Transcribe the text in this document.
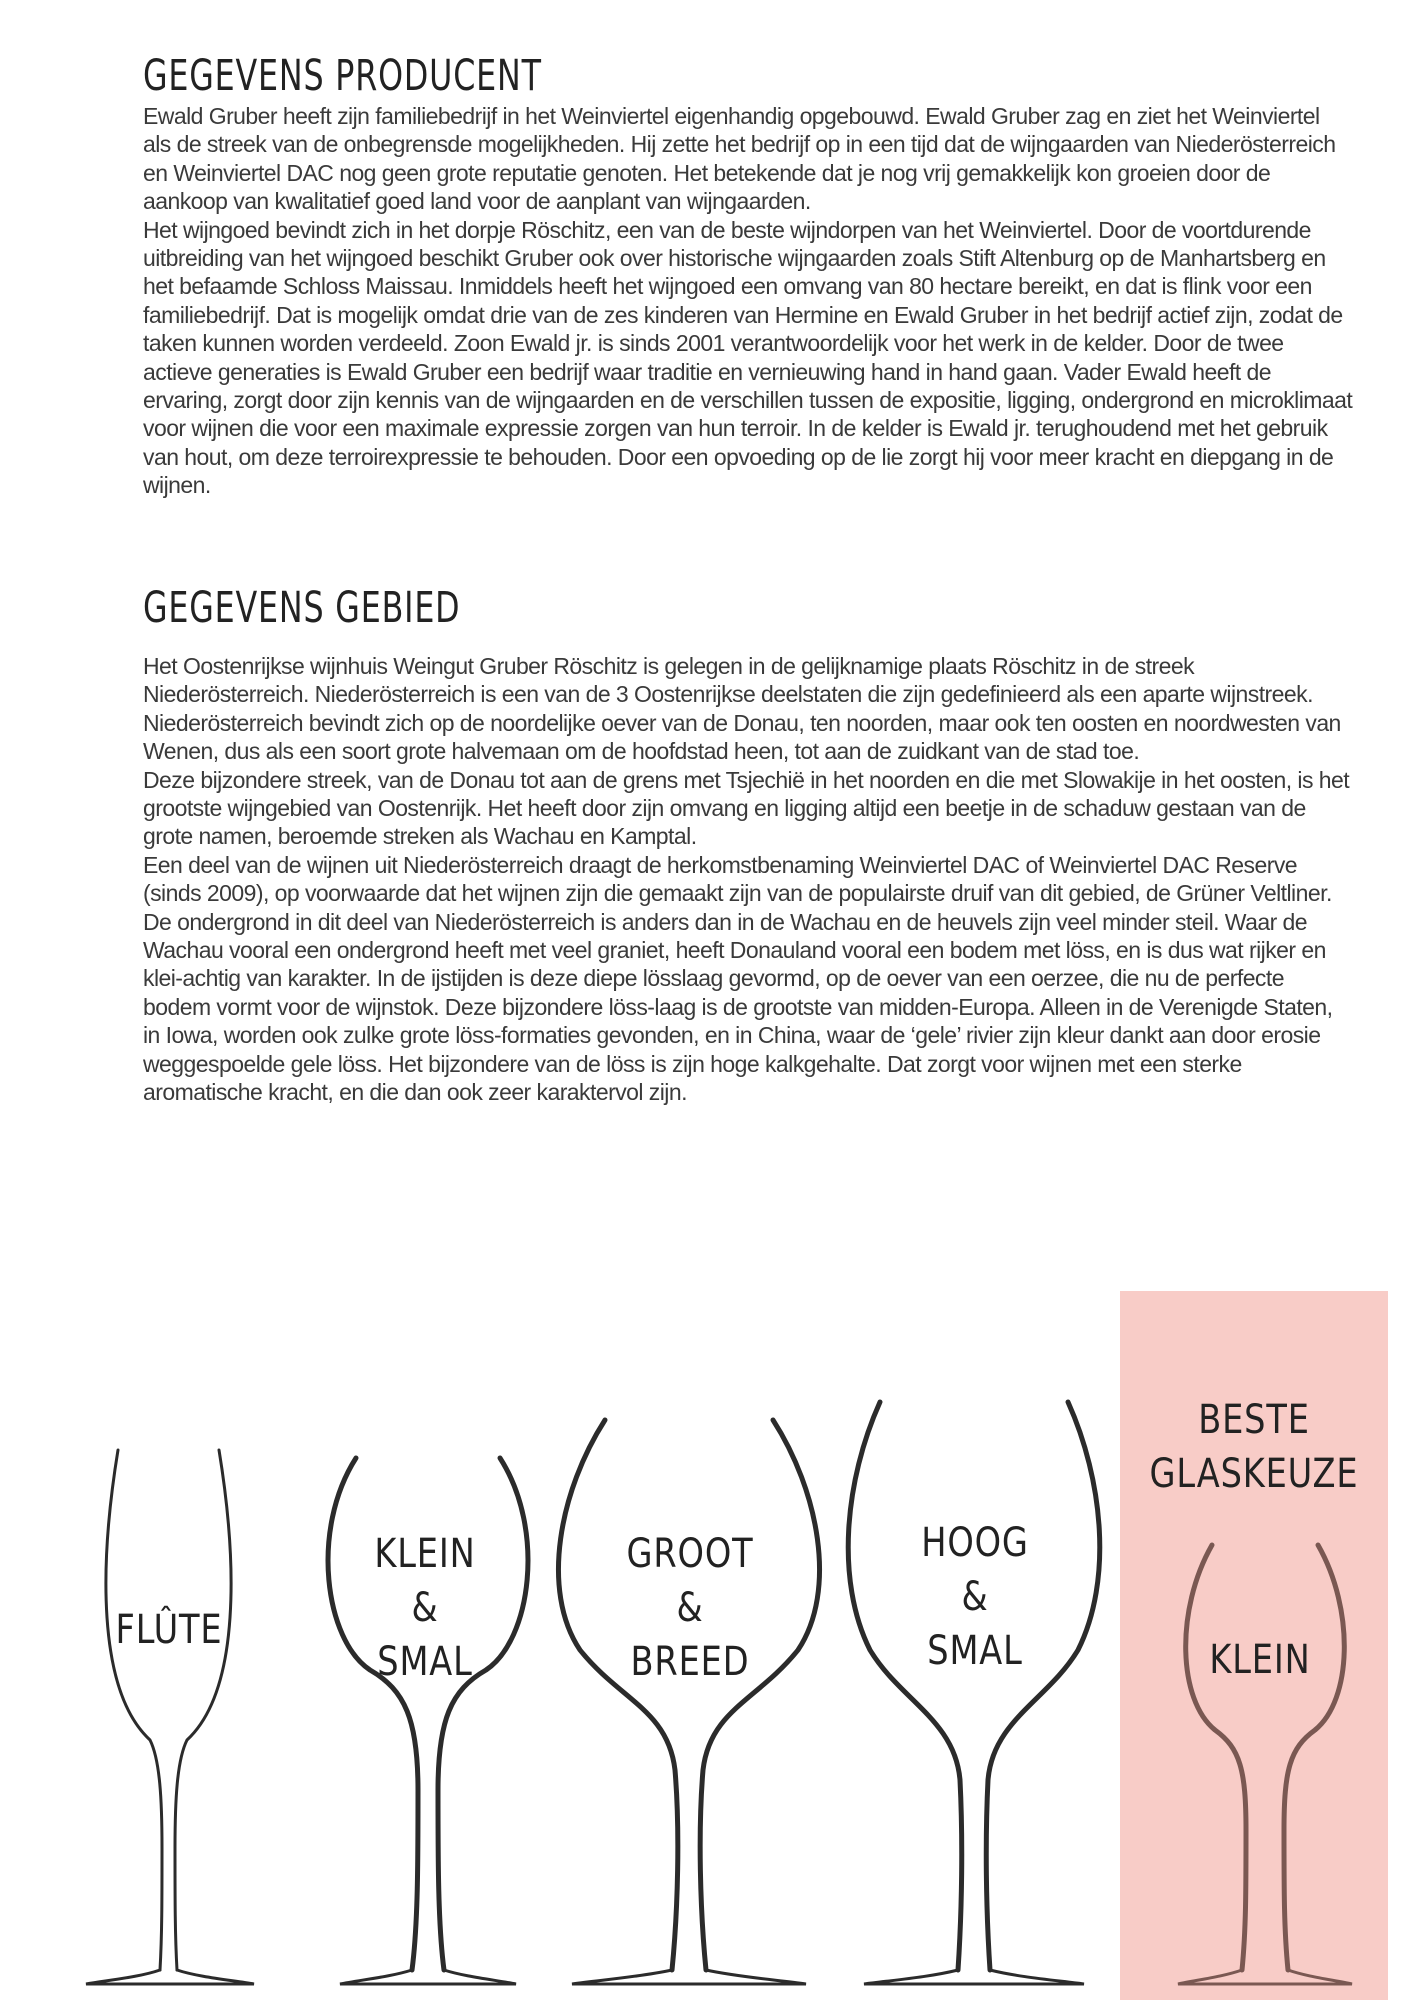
GEGEVENS PRODUCENT

Ewald Gruber heeft zijn familiebedrijf in het Weinviertel eigenhandig opgebouwd. Ewald Gruber zag en ziet het Weinviertel als de streek van de onbegrensde mogelijkheden. Hij zette het bedrijf op in een tijd dat de wijngaarden van Niederösterreich en Weinviertel DAC nog geen grote reputatie genoten. Het betekende dat je nog vrij gemakkelijk kon groeien door de aankoop van kwalitatief goed land voor de aanplant van wijngaarden.

Het wijngoed bevindt zich in het dorpje Röschitz, een van de beste wijndorpen van het Weinviertel. Door de voortdurende uitbreiding van het wijngoed beschikt Gruber ook over historische wijngaarden zoals Stift Altenburg op de Manhartsberg en het befaamde Schloss Maissau. Inmiddels heeft het wijngoed een omvang van 80 hectare bereikt, en dat is flink voor een familiebedrijf. Dat is mogelijk omdat drie van de zes kinderen van Hermine en Ewald Gruber in het bedrijf actief zijn, zodat de taken kunnen worden verdeeld. Zoon Ewald jr. is sinds 2001 verantwoordelijk voor het werk in de kelder. Door de twee actieve generaties is Ewald Gruber een bedrijf waar traditie en vernieuwing hand in hand gaan. Vader Ewald heeft de ervaring, zorgt door zijn kennis van de wijngaarden en de verschillen tussen de expositie, ligging, ondergrond en microklimaat voor wijnen die voor een maximale expressie zorgen van hun terroir. In de kelder is Ewald jr. terughoudend met het gebruik van hout, om deze terroirexpressie te behouden. Door een opvoeding op de lie zorgt hij voor meer kracht en diepgang in de wijnen.

GEGEVENS GEBIED

Het Oostenrijkse wijnhuis Weingut Gruber Röschitz is gelegen in de gelijknamige plaats Röschitz in de streek Niederösterreich. Niederösterreich is een van de 3 Oostenrijkse deelstaten die zijn gedefinieerd als een aparte wijnstreek. Niederösterreich bevindt zich op de noordelijke oever van de Donau, ten noorden, maar ook ten oosten en noordwesten van Wenen, dus als een soort grote halvemaan om de hoofdstad heen, tot aan de zuidkant van de stad toe.

Deze bijzondere streek, van de Donau tot aan de grens met Tsjechië in het noorden en die met Slowakije in het oosten, is het grootste wijngebied van Oostenrijk. Het heeft door zijn omvang en ligging altijd een beetje in de schaduw gestaan van de grote namen, beroemde streken als Wachau en Kamptal.

Een deel van de wijnen uit Niederösterreich draagt de herkomstbenaming Weinviertel DAC of Weinviertel DAC Reserve (sinds 2009), op voorwaarde dat het wijnen zijn die gemaakt zijn van de populairste druif van dit gebied, de Grüner Veltliner.

De ondergrond in dit deel van Niederösterreich is anders dan in de Wachau en de heuvels zijn veel minder steil. Waar de Wachau vooral een ondergrond heeft met veel graniet, heeft Donauland vooral een bodem met löss, en is dus wat rijker en klei-achtig van karakter. In de ijstijden is deze diepe lösslaag gevormd, op de oever van een oerzee, die nu de perfecte bodem vormt voor de wijnstok. Deze bijzondere löss-laag is de grootste van midden-Europa. Alleen in de Verenigde Staten, in Iowa, worden ook zulke grote löss-formaties gevonden, en in China, waar de ‘gele’ rivier zijn kleur dankt aan door erosie weggespoelde gele löss. Het bijzondere van de löss is zijn hoge kalkgehalte. Dat zorgt voor wijnen met een sterke aromatische kracht, en die dan ook zeer karaktervol zijn.

FLÛTE
KLEIN
&
SMAL
GROOT
&
BREED
HOOG
&
SMAL
BESTE
GLASKEUZE
KLEIN
